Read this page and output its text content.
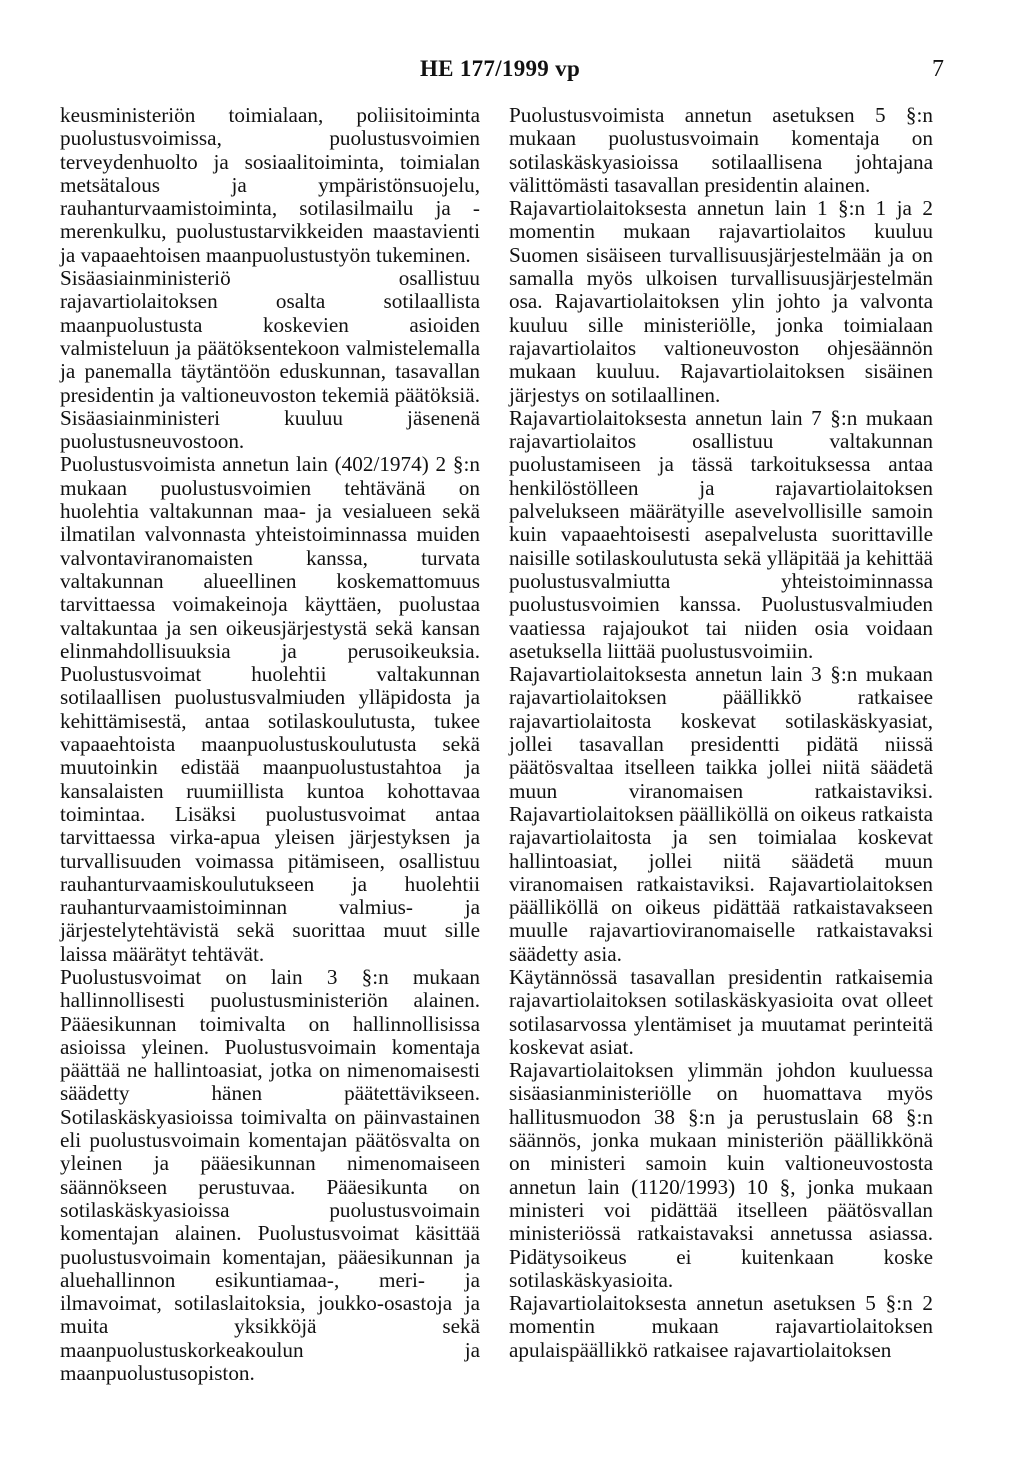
HE 177/1999 vp	7

keusministeriön toimialaan, poliisitoiminta puolustusvoimissa, puolustusvoimien terveydenhuolto ja sosiaalitoiminta, toimialan metsätalous ja ympäristönsuojelu, rauhanturvaamistoiminta, sotilasilmailu ja -merenkulku, puolustustarvikkeiden maastavienti ja vapaaehtoisen maanpuolustustyön tukeminen.

Sisäasiainministeriö osallistuu rajavartiolaitoksen osalta sotilaallista maanpuolustusta koskevien asioiden valmisteluun ja päätöksentekoon valmistelemalla ja panemalla täytäntöön eduskunnan, tasavallan presidentin ja valtioneuvoston tekemiä päätöksiä. Sisäasiainministeri kuuluu jäsenenä puolustusneuvostoon.

Puolustusvoimista annetun lain (402/1974) 2 §:n mukaan puolustusvoimien tehtävänä on huolehtia valtakunnan maa- ja vesialueen sekä ilmatilan valvonnasta yhteistoiminnassa muiden valvontaviranomaisten kanssa, turvata valtakunnan alueellinen koskemattomuus tarvittaessa voimakeinoja käyttäen, puolustaa valtakuntaa ja sen oikeusjärjestystä sekä kansan elinmahdollisuuksia ja perusoikeuksia. Puolustusvoimat huolehtii valtakunnan sotilaallisen puolustusvalmiuden ylläpidosta ja kehittämisestä, antaa sotilaskoulutusta, tukee vapaaehtoista maanpuolustuskoulutusta sekä muutoinkin edistää maanpuolustustahtoa ja kansalaisten ruumiillista kuntoa kohottavaa toimintaa. Lisäksi puolustusvoimat antaa tarvittaessa virka-apua yleisen järjestyksen ja turvallisuuden voimassa pitämiseen, osallistuu rauhanturvaamiskoulutukseen ja huolehtii rauhanturvaamistoiminnan valmius- ja järjestelytehtävistä sekä suorittaa muut sille laissa määrätyt tehtävät.

Puolustusvoimat on lain 3 §:n mukaan hallinnollisesti puolustusministeriön alainen. Pääesikunnan toimivalta on hallinnollisissa asioissa yleinen. Puolustusvoimain komentaja päättää ne hallintoasiat, jotka on nimenomaisesti säädetty hänen päätettävikseen. Sotilaskäskyasioissa toimivalta on päinvastainen eli puolustusvoimain komentajan päätösvalta on yleinen ja pääesikunnan nimenomaiseen säännökseen perustuvaa. Pääesikunta on sotilaskäskyasioissa puolustusvoimain komentajan alainen. Puolustusvoimat käsittää puolustusvoimain komentajan, pääesikunnan ja aluehallinnon esikuntiamaa-, meri- ja ilmavoimat, sotilaslaitoksia, joukko-osastoja ja muita yksikköjä sekä maanpuolustuskorkeakoulun ja maanpuolustusopiston.

Puolustusvoimista annetun asetuksen 5 §:n mukaan puolustusvoimain komentaja on sotilaskäskyasioissa sotilaallisena johtajana välittömästi tasavallan presidentin alainen.

Rajavartiolaitoksesta annetun lain 1 §:n 1 ja 2 momentin mukaan rajavartiolaitos kuuluu Suomen sisäiseen turvallisuusjärjestelmään ja on samalla myös ulkoisen turvallisuusjärjestelmän osa. Rajavartiolaitoksen ylin johto ja valvonta kuuluu sille ministeriölle, jonka toimialaan rajavartiolaitos valtioneuvoston ohjesäännön mukaan kuuluu. Rajavartiolaitoksen sisäinen järjestys on sotilaallinen.

Rajavartiolaitoksesta annetun lain 7 §:n mukaan rajavartiolaitos osallistuu valtakunnan puolustamiseen ja tässä tarkoituksessa antaa henkilöstölleen ja rajavartiolaitoksen palvelukseen määrätyille asevelvollisille samoin kuin vapaaehtoisesti asepalvelusta suorittaville naisille sotilaskoulutusta sekä ylläpitää ja kehittää puolustusvalmiutta yhteistoiminnassa puolustusvoimien kanssa. Puolustusvalmiuden vaatiessa rajajoukot tai niiden osia voidaan asetuksella liittää puolustusvoimiin.

Rajavartiolaitoksesta annetun lain 3 §:n mukaan rajavartiolaitoksen päällikkö ratkaisee rajavartiolaitosta koskevat sotilaskäskyasiat, jollei tasavallan presidentti pidätä niissä päätösvaltaa itselleen taikka jollei niitä säädetä muun viranomaisen ratkaistaviksi. Rajavartiolaitoksen päälliköllä on oikeus ratkaista rajavartiolaitosta ja sen toimialaa koskevat hallintoasiat, jollei niitä säädetä muun viranomaisen ratkaistaviksi. Rajavartiolaitoksen päälliköllä on oikeus pidättää ratkaistavakseen muulle rajavartioviranomaiselle ratkaistavaksi säädetty asia.

Käytännössä tasavallan presidentin ratkaisemia rajavartiolaitoksen sotilaskäskyasioita ovat olleet sotilasarvossa ylentämiset ja muutamat perinteitä koskevat asiat.

Rajavartiolaitoksen ylimmän johdon kuuluessa sisäasianministeriölle on huomattava myös hallitusmuodon 38 §:n ja perustuslain 68 §:n säännös, jonka mukaan ministeriön päällikkönä on ministeri samoin kuin valtioneuvostosta annetun lain (1120/1993) 10 §, jonka mukaan ministeri voi pidättää itselleen päätösvallan ministeriössä ratkaistavaksi annetussa asiassa. Pidätysoikeus ei kuitenkaan koske sotilaskäskyasioita.

Rajavartiolaitoksesta annetun asetuksen 5 §:n 2 momentin mukaan rajavartiolaitoksen apulaispäällikkö ratkaisee rajavartiolaitoksen
